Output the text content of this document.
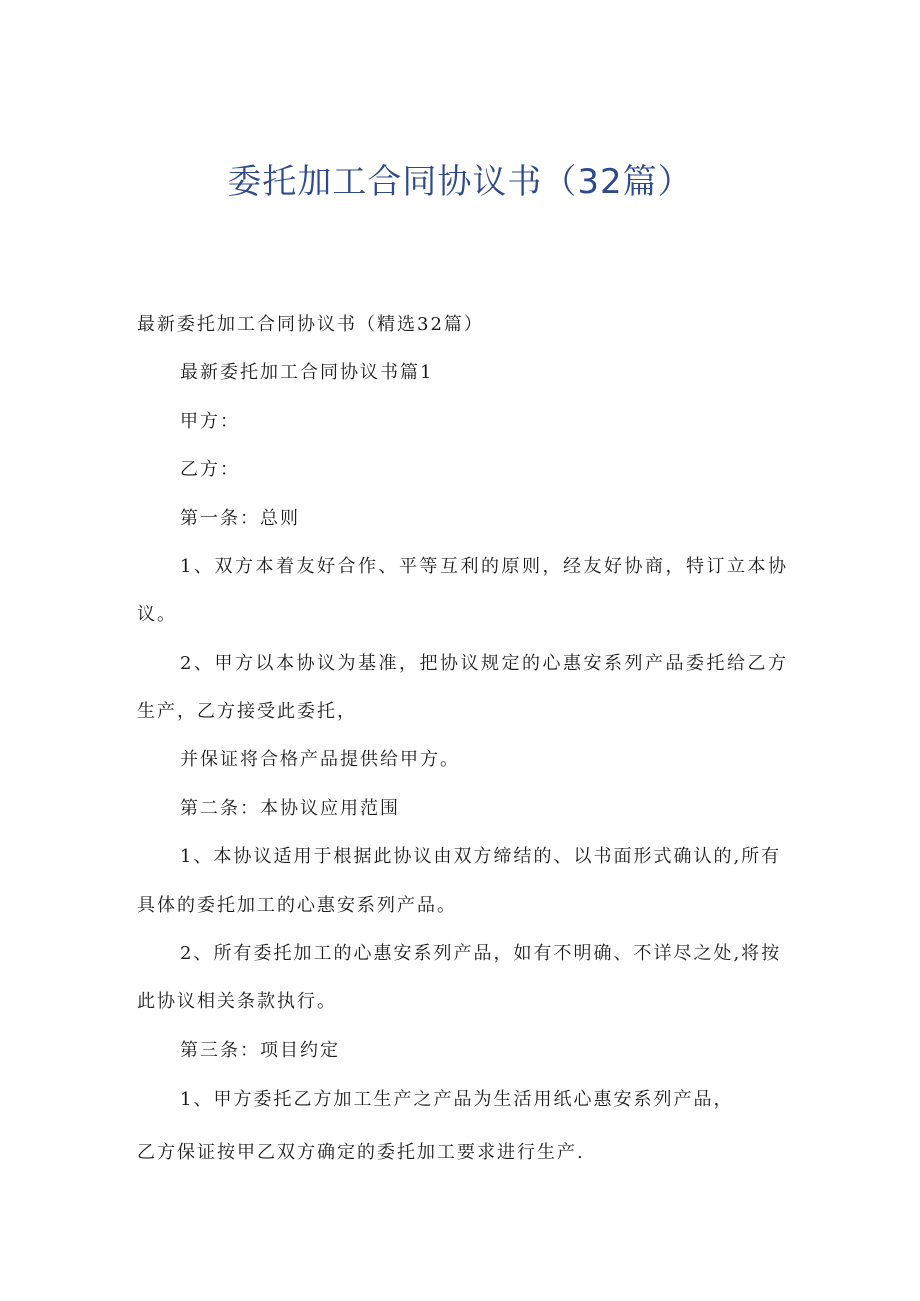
委托加工合同协议书（32篇）
最新委托加工合同协议书（精选32篇）
最新委托加工合同协议书篇1
甲方：
乙方：
第一条：总则
1、双方本着友好合作、平等互利的原则，经友好协商，特订立本协
议。
2、甲方以本协议为基准，把协议规定的心惠安系列产品委托给乙方
生产，乙方接受此委托，
并保证将合格产品提供给甲方。
第二条：本协议应用范围
1、本协议适用于根据此协议由双方缔结的、以书面形式确认的,所有
具体的委托加工的心惠安系列产品。
2、所有委托加工的心惠安系列产品，如有不明确、不详尽之处,将按
此协议相关条款执行。
第三条：项目约定
1、甲方委托乙方加工生产之产品为生活用纸心惠安系列产品，
乙方保证按甲乙双方确定的委托加工要求进行生产.
